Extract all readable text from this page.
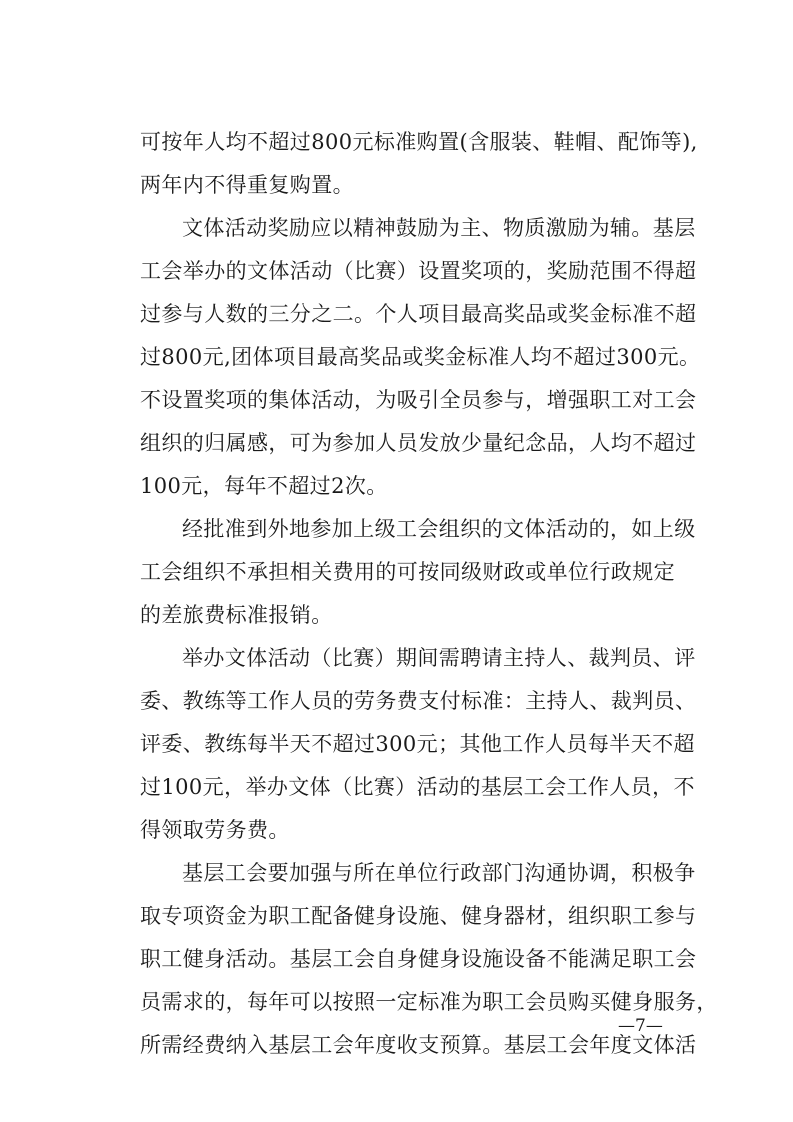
可按年人均不超过800元标准购置(含服装、鞋帽、配饰等),
两年内不得重复购置。
文体活动奖励应以精神鼓励为主、物质激励为辅。基层
工会举办的文体活动（比赛）设置奖项的，奖励范围不得超
过参与人数的三分之二。个人项目最高奖品或奖金标准不超
过800元,团体项目最高奖品或奖金标准人均不超过300元。
不设置奖项的集体活动，为吸引全员参与，增强职工对工会
组织的归属感，可为参加人员发放少量纪念品，人均不超过
100元，每年不超过2次。
经批准到外地参加上级工会组织的文体活动的，如上级
工会组织不承担相关费用的可按同级财政或单位行政规定
的差旅费标准报销。
举办文体活动（比赛）期间需聘请主持人、裁判员、评
委、教练等工作人员的劳务费支付标准：主持人、裁判员、
评委、教练每半天不超过300元；其他工作人员每半天不超
过100元，举办文体（比赛）活动的基层工会工作人员，不
得领取劳务费。
基层工会要加强与所在单位行政部门沟通协调，积极争
取专项资金为职工配备健身设施、健身器材，组织职工参与
职工健身活动。基层工会自身健身设施设备不能满足职工会
员需求的，每年可以按照一定标准为职工会员购买健身服务，
所需经费纳入基层工会年度收支预算。基层工会年度文体活
—7—
